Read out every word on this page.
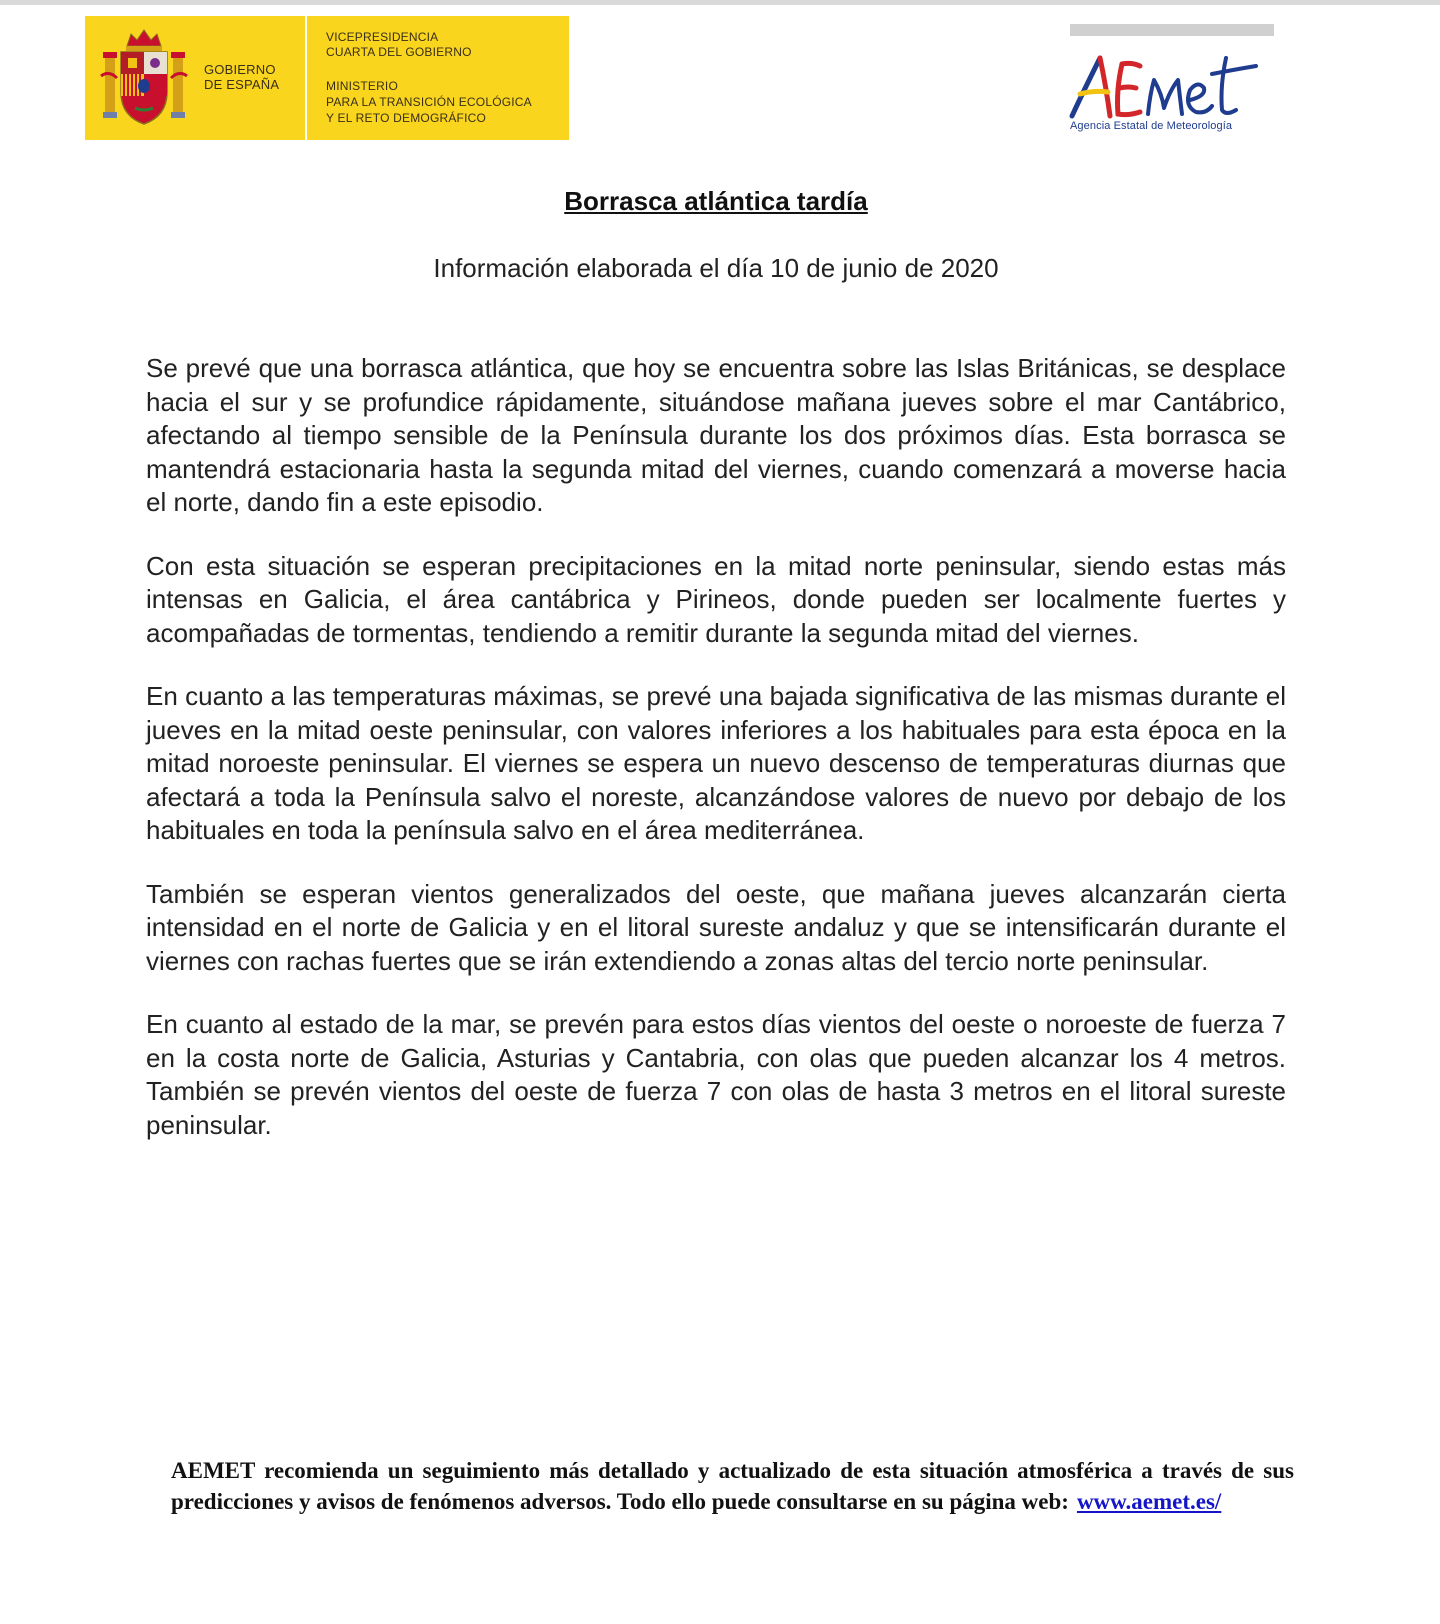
GOBIERNO
DE ESPAÑA
VICEPRESIDENCIA
CUARTA DEL GOBIERNO
MINISTERIO
PARA LA TRANSICIÓN ECOLÓGICA
Y EL RETO DEMOGRÁFICO
AEMet
Agencia Estatal de Meteorología
Borrasca atlántica tardía
Información elaborada el día 10 de junio de 2020

Se prevé que una borrasca atlántica, que hoy se encuentra sobre las Islas Británicas, se desplace hacia el sur y se profundice rápidamente, situándose mañana jueves sobre el mar Cantábrico, afectando al tiempo sensible de la Península durante los dos próximos días. Esta borrasca se mantendrá estacionaria hasta la segunda mitad del viernes, cuando comenzará a moverse hacia el norte, dando fin a este episodio.

Con esta situación se esperan precipitaciones en la mitad norte peninsular, siendo estas más intensas en Galicia, el área cantábrica y Pirineos, donde pueden ser localmente fuertes y acompañadas de tormentas, tendiendo a remitir durante la segunda mitad del viernes.

En cuanto a las temperaturas máximas, se prevé una bajada significativa de las mismas durante el jueves en la mitad oeste peninsular, con valores inferiores a los habituales para esta época en la mitad noroeste peninsular. El viernes se espera un nuevo descenso de temperaturas diurnas que afectará a toda la Península salvo el noreste, alcanzándose valores de nuevo por debajo de los habituales en toda la península salvo en el área mediterránea.

También se esperan vientos generalizados del oeste, que mañana jueves alcanzarán cierta intensidad en el norte de Galicia y en el litoral sureste andaluz y que se intensificarán durante el viernes con rachas fuertes que se irán extendiendo a zonas altas del tercio norte peninsular.

En cuanto al estado de la mar, se prevén para estos días vientos del oeste o noroeste de fuerza 7 en la costa norte de Galicia, Asturias y Cantabria, con olas que pueden alcanzar los 4 metros. También se prevén vientos del oeste de fuerza 7 con olas de hasta 3 metros en el litoral sureste peninsular.

AEMET recomienda un seguimiento más detallado y actualizado de esta situación atmosférica a través de sus predicciones y avisos de fenómenos adversos. Todo ello puede consultarse en su página web: www.aemet.es/
